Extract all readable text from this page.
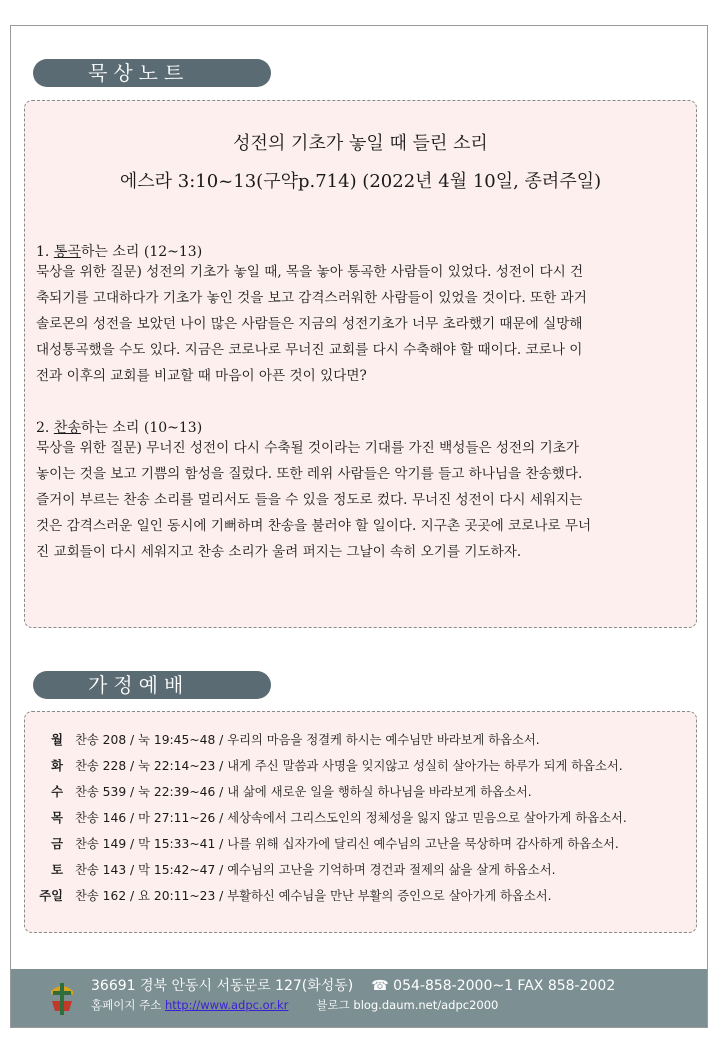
묵상노트
성전의 기초가 놓일 때 들린 소리
에스라 3:10~13(구약p.714) (2022년 4월 10일, 종려주일)
1. 통곡하는 소리 (12~13)
묵상을 위한 질문) 성전의 기초가 놓일 때, 목을 놓아 통곡한 사람들이 있었다. 성전이 다시 건
축되기를 고대하다가 기초가 놓인 것을 보고 감격스러워한 사람들이 있었을 것이다. 또한 과거
솔로몬의 성전을 보았던 나이 많은 사람들은 지금의 성전기초가 너무 초라했기 때문에 실망해
대성통곡했을 수도 있다. 지금은 코로나로 무너진 교회를 다시 수축해야 할 때이다. 코로나 이
전과 이후의 교회를 비교할 때 마음이 아픈 것이 있다면?
2. 찬송하는 소리 (10~13)
묵상을 위한 질문) 무너진 성전이 다시 수축될 것이라는 기대를 가진 백성들은 성전의 기초가
놓이는 것을 보고 기쁨의 함성을 질렀다. 또한 레위 사람들은 악기를 들고 하나님을 찬송했다.
즐거이 부르는 찬송 소리를 멀리서도 들을 수 있을 정도로 컸다. 무너진 성전이 다시 세워지는
것은 감격스러운 일인 동시에 기뻐하며 찬송을 불러야 할 일이다. 지구촌 곳곳에 코로나로 무너
진 교회들이 다시 세워지고 찬송 소리가 울려 퍼지는 그날이 속히 오기를 기도하자.
가정예배
월 찬송 208 / 눅 19:45~48 / 우리의 마음을 정결케 하시는 예수님만 바라보게 하옵소서.
화 찬송 228 / 눅 22:14~23 / 내게 주신 말씀과 사명을 잊지않고 성실히 살아가는 하루가 되게 하옵소서.
수 찬송 539 / 눅 22:39~46 / 내 삶에 새로운 일을 행하실 하나님을 바라보게 하옵소서.
목 찬송 146 / 마 27:11~26 / 세상속에서 그리스도인의 정체성을 잃지 않고 믿음으로 살아가게 하옵소서.
금 찬송 149 / 막 15:33~41 / 나를 위해 십자가에 달리신 예수님의 고난을 묵상하며 감사하게 하옵소서.
토 찬송 143 / 막 15:42~47 / 예수님의 고난을 기억하며 경건과 절제의 삶을 살게 하옵소서.
주일 찬송 162 / 요 20:11~23 / 부활하신 예수님을 만난 부활의 증인으로 살아가게 하옵소서.
36691 경북 안동시 서동문로 127(화성동) ☎ 054-858-2000~1 FAX 858-2002
홈페이지 주소 http://www.adpc.or.kr 블로그 blog.daum.net/adpc2000
